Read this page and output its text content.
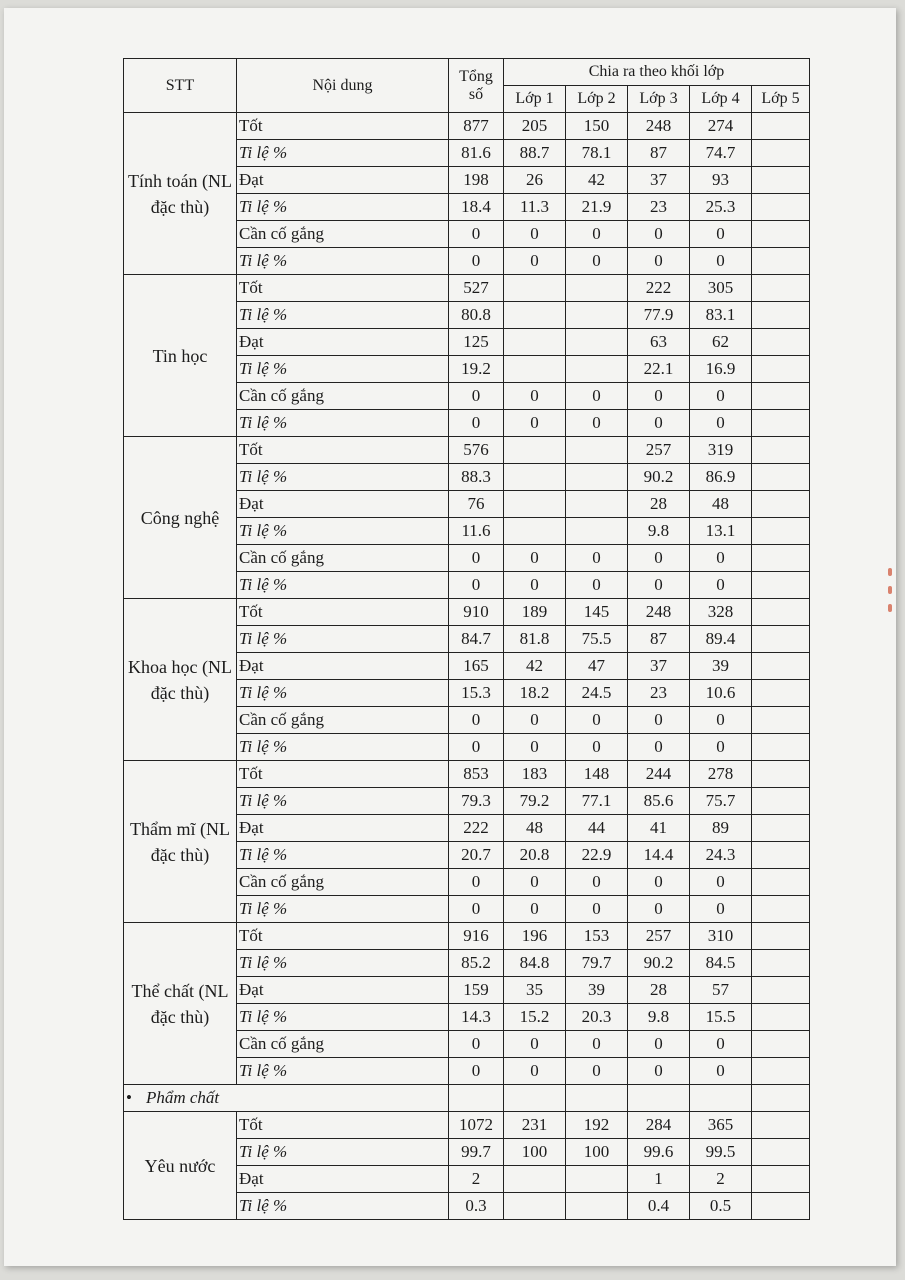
STT	Nội dung	Tổng số	Chia ra theo khối lớp				
			Lớp 1	Lớp 2	Lớp 3	Lớp 4	Lớp 5
Tính toán (NL đặc thù)	Tốt	877	205	150	248	274	
	Ti lệ %	81.6	88.7	78.1	87	74.7	
	Đạt	198	26	42	37	93	
	Ti lệ %	18.4	11.3	21.9	23	25.3	
	Cần cố gắng	0	0	0	0	0	
	Ti lệ %	0	0	0	0	0	
Tin học	Tốt	527			222	305	
	Ti lệ %	80.8			77.9	83.1	
	Đạt	125			63	62	
	Ti lệ %	19.2			22.1	16.9	
	Cần cố gắng	0	0	0	0	0	
	Ti lệ %	0	0	0	0	0	
Công nghệ	Tốt	576			257	319	
	Ti lệ %	88.3			90.2	86.9	
	Đạt	76			28	48	
	Ti lệ %	11.6			9.8	13.1	
	Cần cố gắng	0	0	0	0	0	
	Ti lệ %	0	0	0	0	0	
Khoa học (NL đặc thù)	Tốt	910	189	145	248	328	
	Ti lệ %	84.7	81.8	75.5	87	89.4	
	Đạt	165	42	47	37	39	
	Ti lệ %	15.3	18.2	24.5	23	10.6	
	Cần cố gắng	0	0	0	0	0	
	Ti lệ %	0	0	0	0	0	
Thẩm mĩ (NL đặc thù)	Tốt	853	183	148	244	278	
	Ti lệ %	79.3	79.2	77.1	85.6	75.7	
	Đạt	222	48	44	41	89	
	Ti lệ %	20.7	20.8	22.9	14.4	24.3	
	Cần cố gắng	0	0	0	0	0	
	Ti lệ %	0	0	0	0	0	
Thể chất (NL đặc thù)	Tốt	916	196	153	257	310	
	Ti lệ %	85.2	84.8	79.7	90.2	84.5	
	Đạt	159	35	39	28	57	
	Ti lệ %	14.3	15.2	20.3	9.8	15.5	
	Cần cố gắng	0	0	0	0	0	
	Ti lệ %	0	0	0	0	0	
• Phẩm chất							
Yêu nước	Tốt	1072	231	192	284	365	
	Ti lệ %	99.7	100	100	99.6	99.5	
	Đạt	2			1	2	
	Ti lệ %	0.3			0.4	0.5	
